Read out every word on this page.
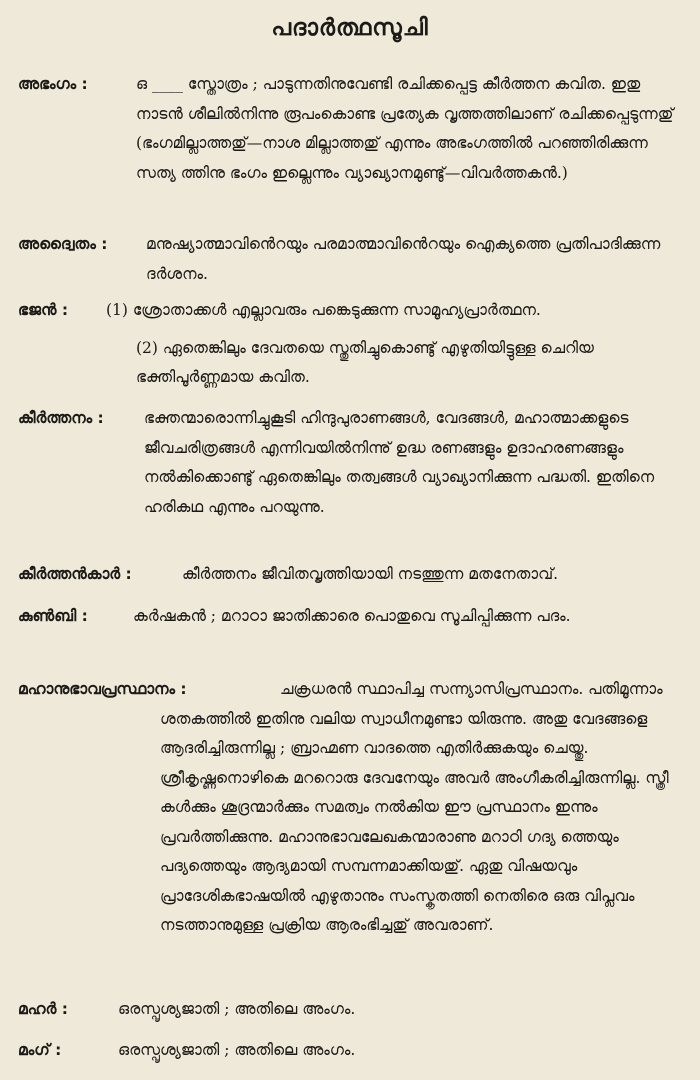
പദാർത്ഥസൂചി
അഭംഗം :	ഒ ____ സ്തോത്രം ; പാടുന്നതിനുവേണ്ടി രചിക്കപ്പെട്ട കീർത്തന കവിത. ഇതു നാടൻ ശീലിൽനിന്നു രൂപംകൊണ്ട പ്രത്യേക വൃത്തത്തിലാണ് രചിക്കപ്പെടുന്നതു് (ഭംഗമില്ലാത്തതു്—നാശ മില്ലാത്തതു് എന്നും അഭംഗത്തിൽ പറഞ്ഞിരിക്കുന്ന സത്യ ത്തിനു ഭംഗം ഇല്ലെന്നും വ്യാഖ്യാനമുണ്ടു്—വിവർത്തകൻ.)
അദ്വൈതം : മനുഷ്യാത്മാവിൻെറയും പരമാത്മാവിൻെറയും ഐക്യത്തെ പ്രതിപാദിക്കുന്ന ദർശനം.
ഭജൻ : (1) ശ്രോതാക്കൾ എല്ലാവരും പങ്കെടുക്കുന്ന സാമൂഹ്യപ്രാർത്ഥന.
(2) ഏതെങ്കിലും ദേവതയെ സ്തുതിച്ചുകൊണ്ടു് എഴുതിയിട്ടുള്ള ചെറിയ ഭക്തിപൂർണ്ണമായ കവിത.
കീർത്തനം :	ഭക്തന്മാരൊന്നിച്ചുകൂടി ഹിന്ദുപുരാണങ്ങൾ, വേദങ്ങൾ, മഹാത്മാക്കളുടെ ജീവചരിത്രങ്ങൾ എന്നിവയിൽനിന്നു് ഉദ്ധ രണങ്ങളും ഉദാഹരണങ്ങളും നൽകിക്കൊണ്ടു് ഏതെങ്കിലും തത്വങ്ങൾ വ്യാഖ്യാനിക്കുന്ന പദ്ധതി. ഇതിനെ ഹരികഥ എന്നും പറയുന്നു.
കീർത്തൻകാർ :	കീർത്തനം ജീവിതവൃത്തിയായി നടത്തുന്ന മതനേതാവ്.
കുൺബി :	കർഷകൻ ; മറാഠാ ജാതിക്കാരെ പൊതുവെ സൂചിപ്പിക്കുന്ന പദം.
മഹാനുഭാവപ്രസ്ഥാനം :	ചക്രധരൻ സ്ഥാപിച്ച സന്ന്യാസിപ്രസ്ഥാനം. പതിമൂന്നാം ശതകത്തിൽ ഇതിനു വലിയ സ്വാധീനമുണ്ടാ യിരുന്നു. അതു വേദങ്ങളെ ആദരിച്ചിരുന്നില്ല ; ബ്രാഹ്മണ വാദത്തെ എതിർക്കുകയും ചെയ്തു. ശ്രീകൃഷ്ണനൊഴികെ മററൊരു ദേവനേയും അവർ അംഗീകരിച്ചിരുന്നില്ല. സ്ത്രീ കൾക്കും ശൂദ്രന്മാർക്കും സമത്വം നൽകിയ ഈ പ്രസ്ഥാനം ഇന്നും പ്രവർത്തിക്കുന്നു. മഹാനുഭാവലേഖകന്മാരാണു മറാഠി ഗദ്യ ത്തെയും പദ്യത്തെയും ആദ്യമായി സമ്പന്നമാക്കിയതു്. ഏതു വിഷയവും പ്രാദേശികഭാഷയിൽ എഴുതാനും സംസ്കൃതത്തി നെതിരെ ഒരു വിപ്ലവം നടത്താനുമുള്ള പ്രക്രിയ ആരംഭിച്ചതു് അവരാണ്.
മഹർ :	ഒരസ്പൃശ്യജാതി ; അതിലെ അംഗം.
മംഗ് :	ഒരസ്പൃശ്യജാതി ; അതിലെ അംഗം.
